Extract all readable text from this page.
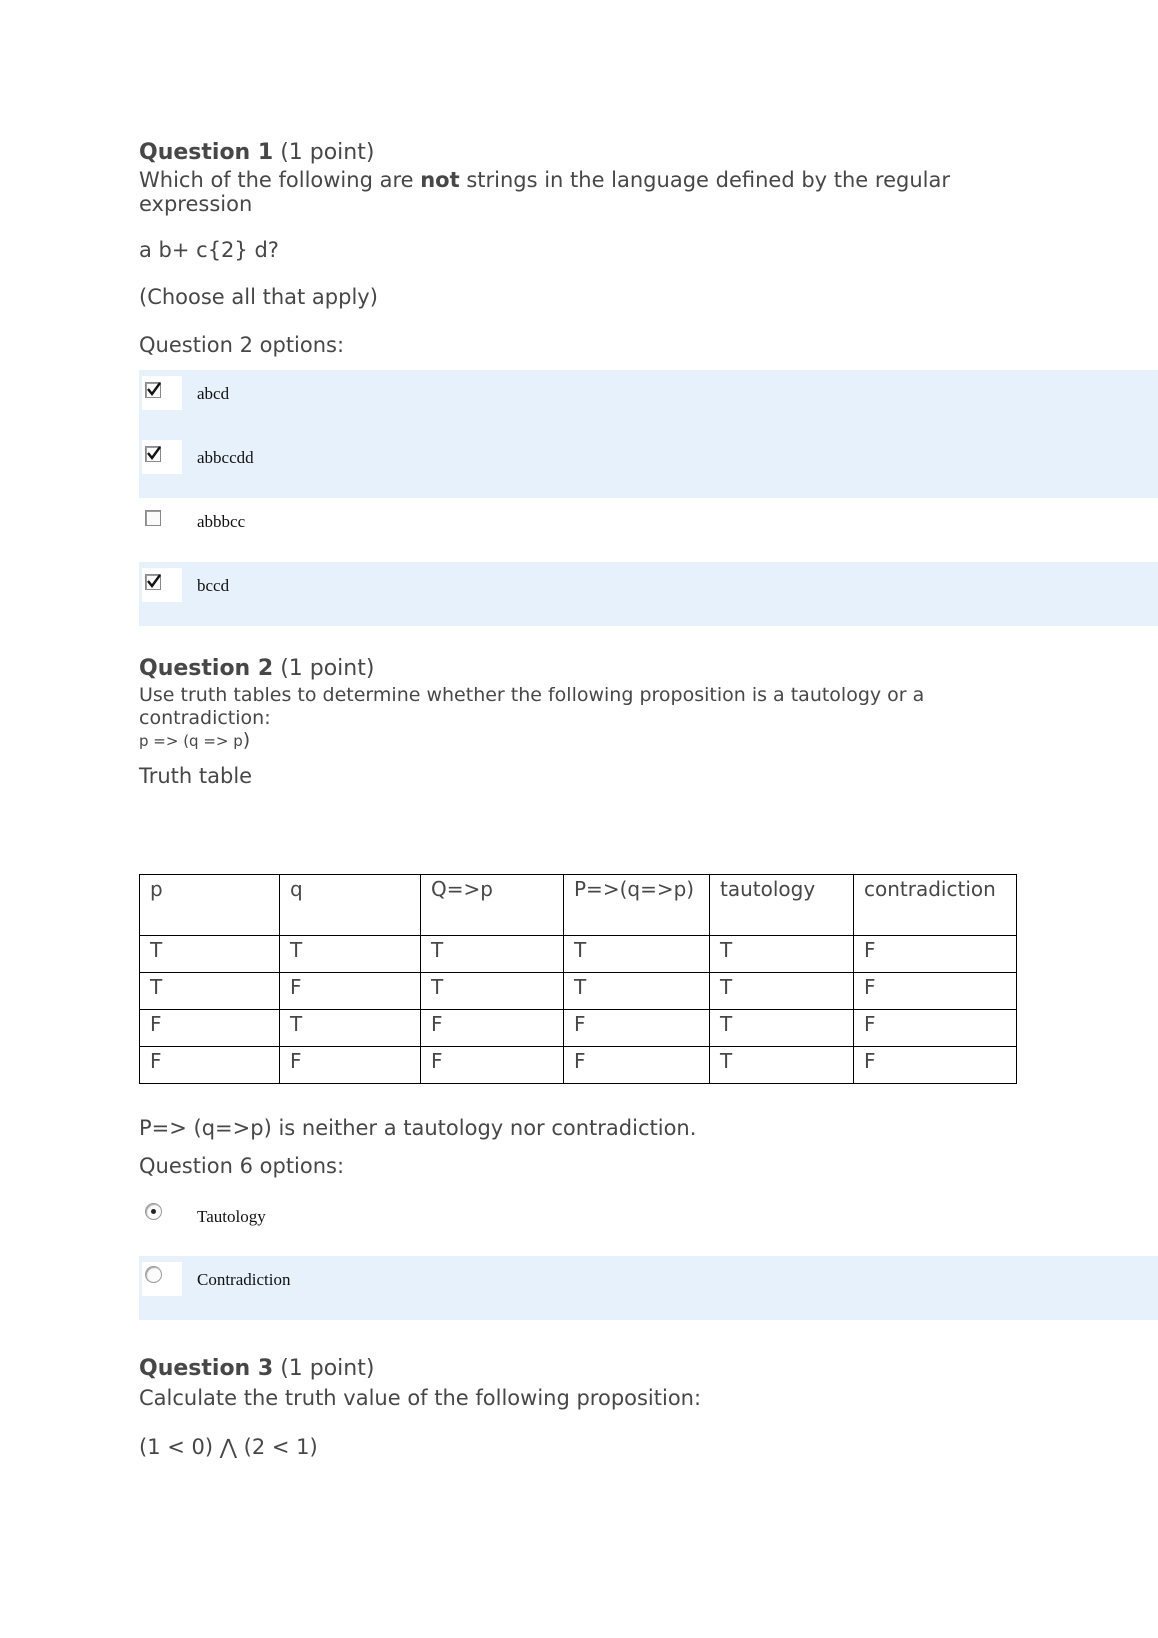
Question 1 (1 point)
Which of the following are not strings in the language defined by the regular expression
a b+ c{2} d?
(Choose all that apply)
Question 2 options:
abcd
abbccdd
abbbcc
bccd
Question 2 (1 point)
Use truth tables to determine whether the following proposition is a tautology or a contradiction:
p => (q => p)
Truth table
p	q	Q=>p	P=>(q=>p)	tautology	contradiction
T	T	T	T	T	F
T	F	T	T	T	F
F	T	F	F	T	F
F	F	F	F	T	F
P=> (q=>p) is neither a tautology nor contradiction.
Question 6 options:
Tautology
Contradiction
Question 3 (1 point)
Calculate the truth value of the following proposition:
(1 < 0) ⋀ (2 < 1)
